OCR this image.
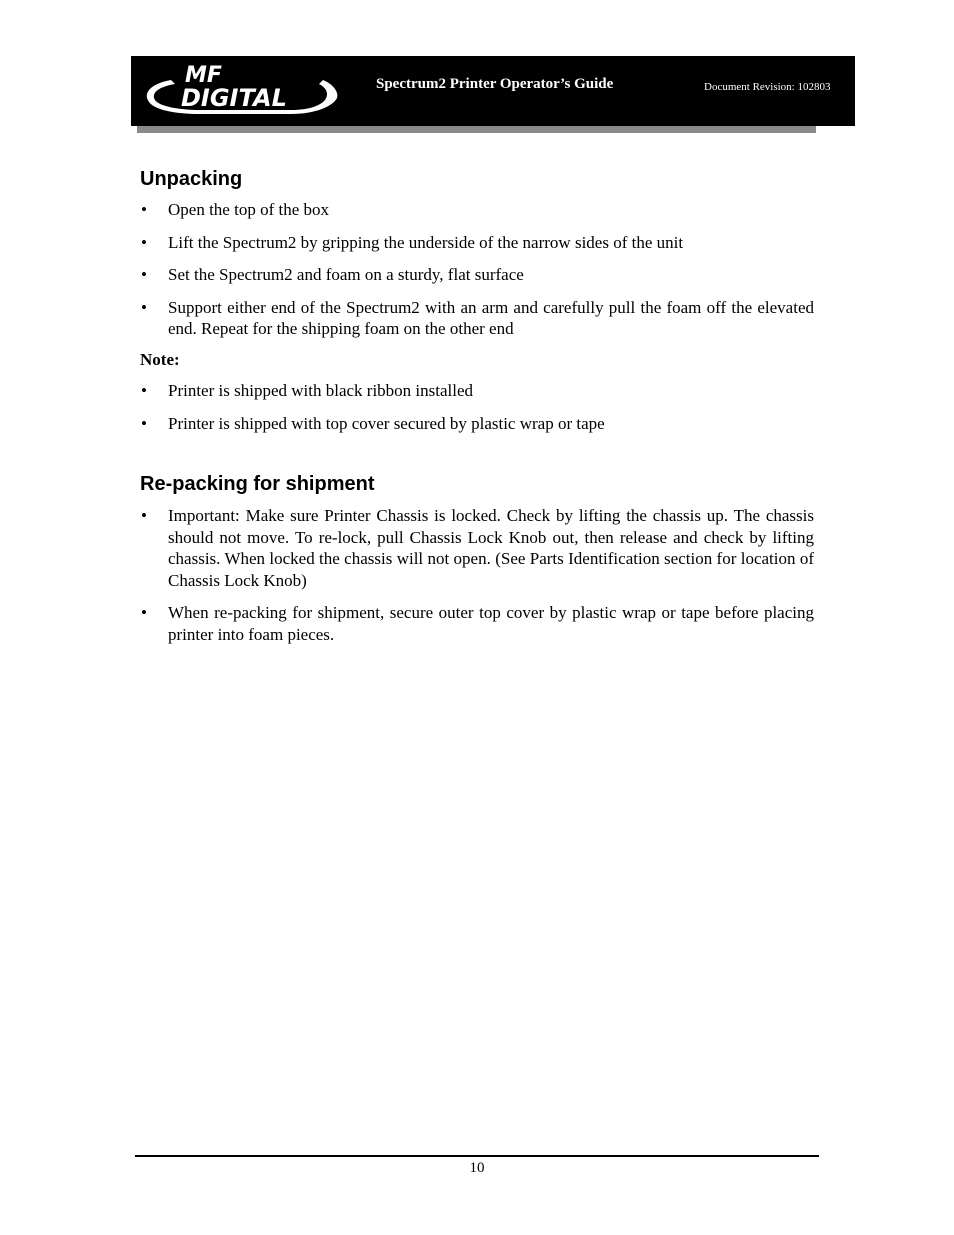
MF
DIGITAL	Spectrum2 Printer Operator’s Guide	Document Revision: 102803
Unpacking
• Open the top of the box
• Lift the Spectrum2 by gripping the underside of the narrow sides of the unit
• Set the Spectrum2 and foam on a sturdy, flat surface
• Support either end of the Spectrum2 with an arm and carefully pull the foam off the elevated end. Repeat for the shipping foam on the other end
Note:
• Printer is shipped with black ribbon installed
• Printer is shipped with top cover secured by plastic wrap or tape
Re-packing for shipment
• Important: Make sure Printer Chassis is locked. Check by lifting the chassis up. The chassis should not move. To re-lock, pull Chassis Lock Knob out, then release and check by lifting chassis. When locked the chassis will not open. (See Parts Identification section for location of Chassis Lock Knob)
• When re-packing for shipment, secure outer top cover by plastic wrap or tape before placing printer into foam pieces.
10
